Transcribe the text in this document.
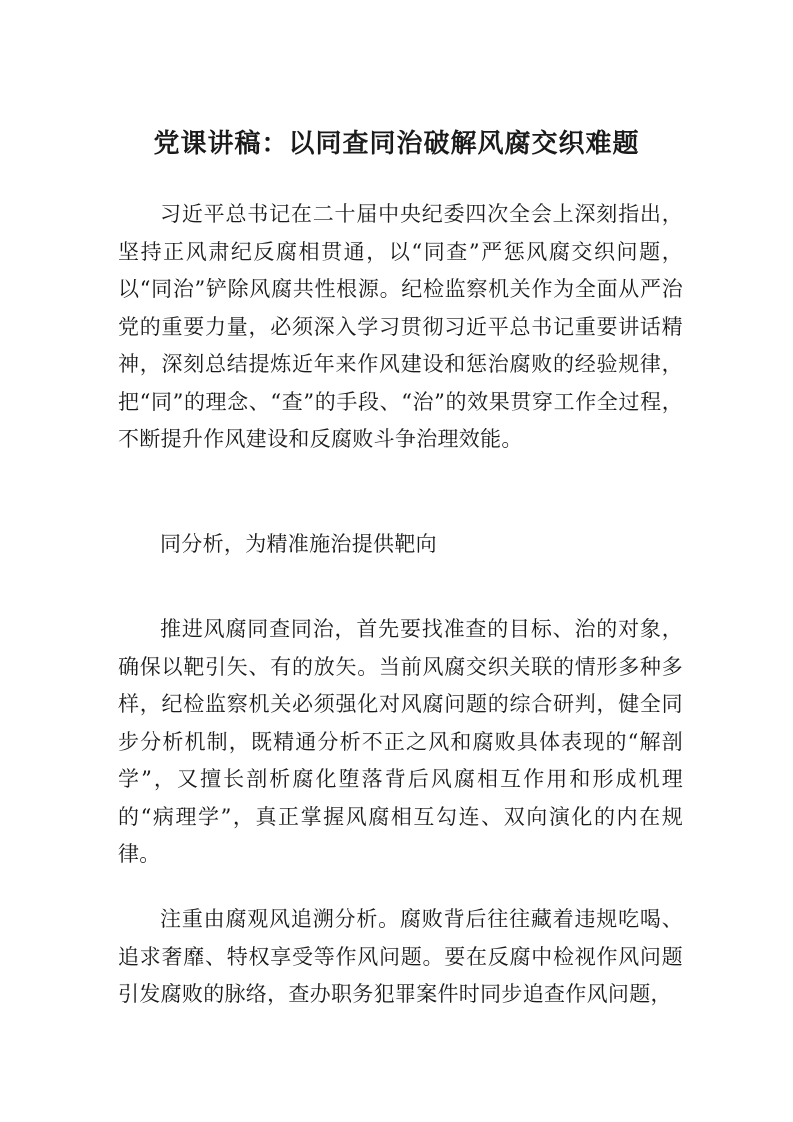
党课讲稿：以同查同治破解风腐交织难题

习近平总书记在二十届中央纪委四次全会上深刻指出，坚持正风肃纪反腐相贯通，以“同查”严惩风腐交织问题，以“同治”铲除风腐共性根源。纪检监察机关作为全面从严治党的重要力量，必须深入学习贯彻习近平总书记重要讲话精神，深刻总结提炼近年来作风建设和惩治腐败的经验规律，把“同”的理念、“查”的手段、“治”的效果贯穿工作全过程，不断提升作风建设和反腐败斗争治理效能。

同分析，为精准施治提供靶向

推进风腐同查同治，首先要找准查的目标、治的对象，确保以靶引矢、有的放矢。当前风腐交织关联的情形多种多样，纪检监察机关必须强化对风腐问题的综合研判，健全同步分析机制，既精通分析不正之风和腐败具体表现的“解剖学”，又擅长剖析腐化堕落背后风腐相互作用和形成机理的“病理学”，真正掌握风腐相互勾连、双向演化的内在规律。

注重由腐观风追溯分析。腐败背后往往藏着违规吃喝、追求奢靡、特权享受等作风问题。要在反腐中检视作风问题引发腐败的脉络，查办职务犯罪案件时同步追查作风问题，
